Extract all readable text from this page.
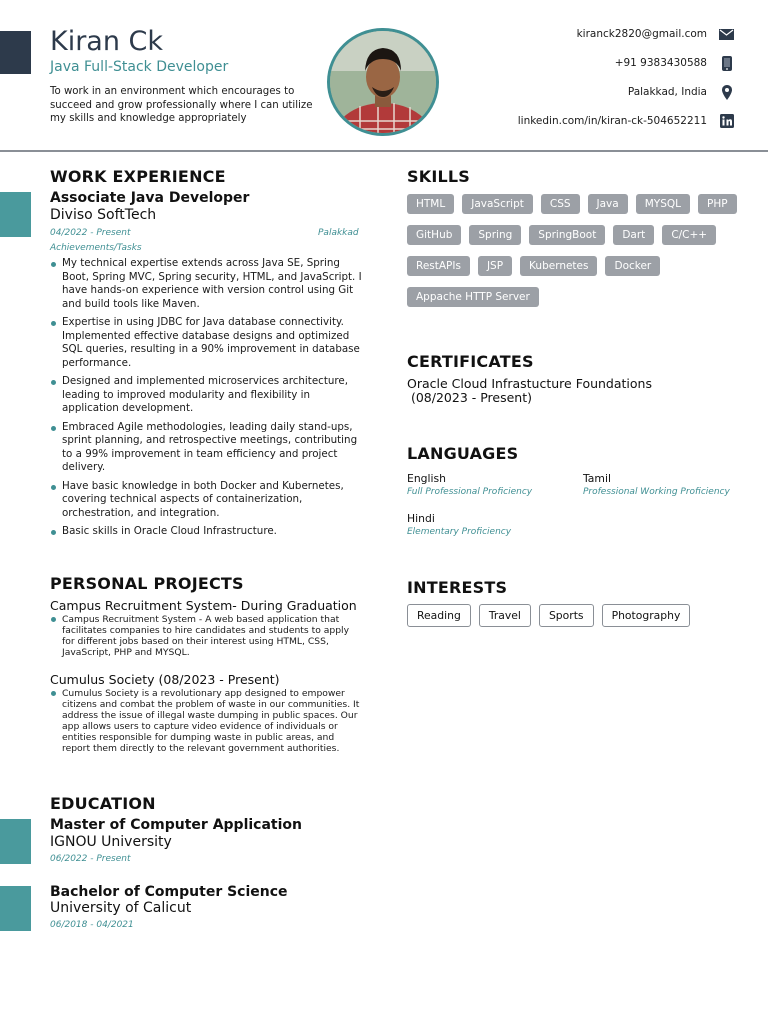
Kiran Ck
Java Full-Stack Developer
To work in an environment which encourages to succeed and grow professionally where I can utilize my skills and knowledge appropriately
kiranck2820@gmail.com
+91 9383430588
Palakkad, India
linkedin.com/in/kiran-ck-504652211
WORK EXPERIENCE
Associate Java Developer
Diviso SoftTech
04/2022 - Present	Palakkad
Achievements/Tasks
My technical expertise extends across Java SE, Spring Boot, Spring MVC, Spring security, HTML, and JavaScript. I have hands-on experience with version control using Git and build tools like Maven.
Expertise in using JDBC for Java database connectivity. Implemented effective database designs and optimized SQL queries, resulting in a 90% improvement in database performance.
Designed and implemented microservices architecture, leading to improved modularity and flexibility in application development.
Embraced Agile methodologies, leading daily stand-ups, sprint planning, and retrospective meetings, contributing to a 99% improvement in team efficiency and project delivery.
Have basic knowledge in both Docker and Kubernetes, covering technical aspects of containerization, orchestration, and integration.
Basic skills in Oracle Cloud Infrastructure.
PERSONAL PROJECTS
Campus Recruitment System- During Graduation
Campus Recruitment System - A web based application that facilitates companies to hire candidates and students to apply for different jobs based on their interest using HTML, CSS, JavaScript, PHP and MYSQL.
Cumulus Society (08/2023 - Present)
Cumulus Society is a revolutionary app designed to empower citizens and combat the problem of waste in our communities. It address the issue of illegal waste dumping in public spaces. Our app allows users to capture video evidence of individuals or entities responsible for dumping waste in public areas, and report them directly to the relevant government authorities.
EDUCATION
Master of Computer Application
IGNOU University
06/2022 - Present
Bachelor of Computer Science
University of Calicut
06/2018 - 04/2021
SKILLS
HTML	JavaScript	CSS	Java	MYSQL	PHP
GitHub	Spring	SpringBoot	Dart	C/C++
RestAPIs	JSP	Kubernetes	Docker
Appache HTTP Server
CERTIFICATES
Oracle Cloud Infrastucture Foundations
(08/2023 - Present)
LANGUAGES
English
Full Professional Proficiency
Tamil
Professional Working Proficiency
Hindi
Elementary Proficiency
INTERESTS
Reading	Travel	Sports	Photography
